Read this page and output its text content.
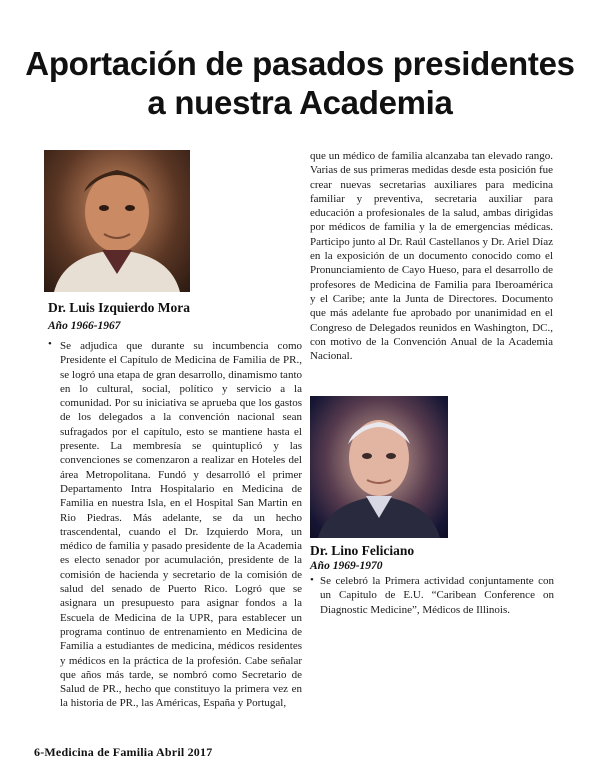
Aportación de pasados presidentes
a nuestra Academia
Dr. Luis Izquierdo Mora
Año 1966-1967
• Se adjudica que durante su incumbencia como Presidente el Capítulo de Medicina de Familia de PR., se logró una etapa de gran desarrollo, dinamismo tanto en lo cultural, social, político y servicio a la comunidad. Por su iniciativa se aprueba que los gastos de los delegados a la convención nacional sean sufragados por el capítulo, esto se mantiene hasta el presente. La membresía se quintuplicó y las convenciones se comenzaron a realizar en Hoteles del área Metropolitana. Fundó y desarrolló el primer Departamento Intra Hospitalario en Medicina de Familia en nuestra Isla, en el Hospital San Martin en Rio Piedras. Más adelante, se da un hecho trascendental, cuando el Dr. Izquierdo Mora, un médico de familia y pasado presidente de la Academia es electo senador por acumulación, presidente de la comisión de hacienda y secretario de la comisión de salud del senado de Puerto Rico. Logró que se asignara un presupuesto para asignar fondos a la Escuela de Medicina de la UPR, para establecer un programa continuo de entrenamiento en Medicina de Familia a estudiantes de medicina, médicos residentes y médicos en la práctica de la profesión. Cabe señalar que años más tarde, se nombró como Secretario de Salud de PR., hecho que constituyo la primera vez en la historia de PR., las Américas, España y Portugal,
que un médico de familia alcanzaba tan elevado rango. Varias de sus primeras medidas desde esta posición fue crear nuevas secretarias auxiliares para medicina familiar y preventiva, secretaria auxiliar para educación a profesionales de la salud, ambas dirigidas por médicos de familia y la de emergencias médicas. Participo junto al Dr. Raúl Castellanos y Dr. Ariel Díaz en la exposición de un documento conocido como el Pronunciamiento de Cayo Hueso, para el desarrollo de profesores de Medicina de Familia para Iberoamérica y el Caribe; ante la Junta de Directores. Documento que más adelante fue aprobado por unanimidad en el Congreso de Delegados reunidos en Washington, DC., con motivo de la Convención Anual de la Academia Nacional.
Dr. Lino Feliciano
Año 1969-1970
• Se celebró la Primera actividad conjuntamente con un Capitulo de E.U. “Caribean Conference on Diagnostic Medicine”, Médicos de Illinois.
6-Medicina de Familia Abril 2017
